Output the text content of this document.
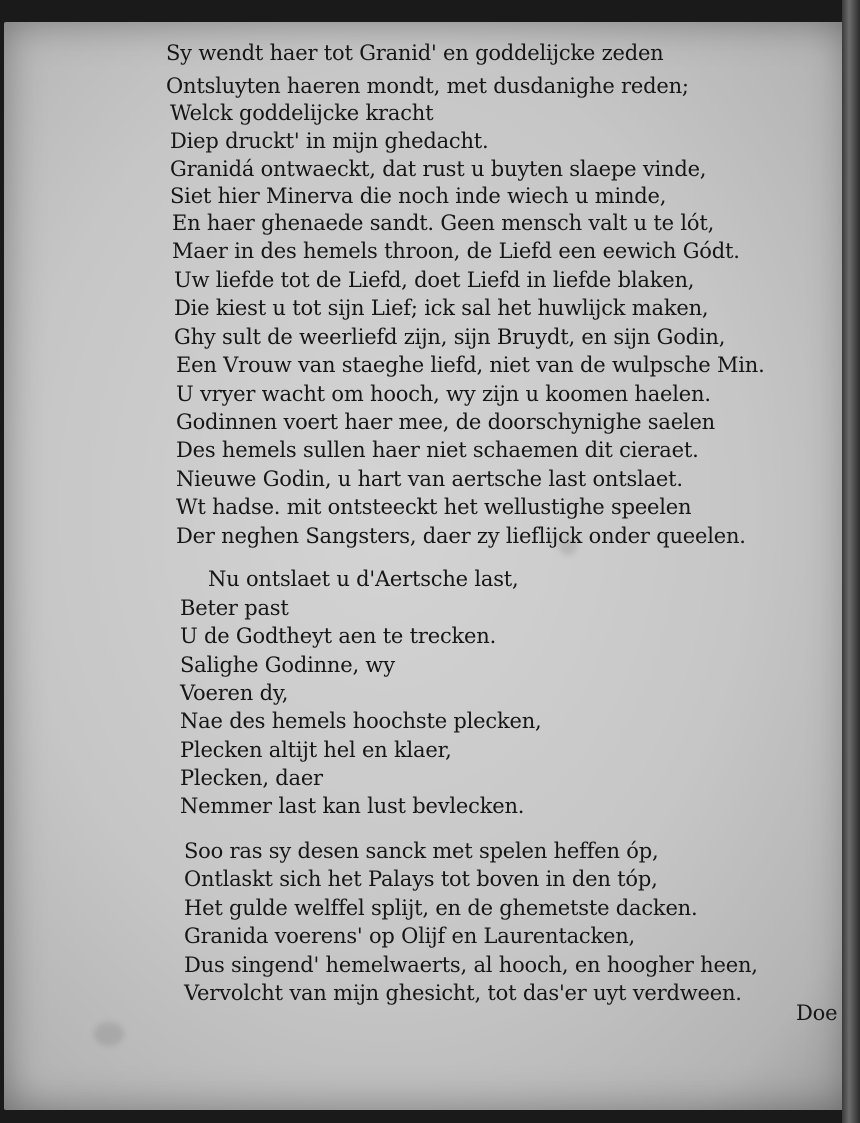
Sy wendt haer tot Granid' en goddelijcke zeden
Ontsluyten haeren mondt, met dusdanighe reden;
Welck goddelijcke kracht
Diep druckt' in mijn ghedacht.
Granidá ontwaeckt, dat rust u buyten slaepe vinde,
Siet hier Minerva die noch inde wiech u minde,
En haer ghenaede sandt. Geen mensch valt u te lót,
Maer in des hemels throon, de Liefd een eewich Gódt.
Uw liefde tot de Liefd, doet Liefd in liefde blaken,
Die kiest u tot sijn Lief; ick sal het huwlijck maken,
Ghy sult de weerliefd zijn, sijn Bruydt, en sijn Godin,
Een Vrouw van staeghe liefd, niet van de wulpsche Min.
U vryer wacht om hooch, wy zijn u koomen haelen.
Godinnen voert haer mee, de doorschynighe saelen
Des hemels sullen haer niet schaemen dit cieraet.
Nieuwe Godin, u hart van aertsche last ontslaet.
Wt hadse. mit ontsteeckt het wellustighe speelen
Der neghen Sangsters, daer zy lieflijck onder queelen.
Nu ontslaet u d'Aertsche last,
Beter past
U de Godtheyt aen te trecken.
Salighe Godinne, wy
Voeren dy,
Nae des hemels hoochste plecken,
Plecken altijt hel en klaer,
Plecken, daer
Nemmer last kan lust bevlecken.
Soo ras sy desen sanck met spelen heffen óp,
Ontlaskt sich het Palays tot boven in den tóp,
Het gulde welffel splijt, en de ghemetste dacken.
Granida voerens' op Olijf en Laurentacken,
Dus singend' hemelwaerts, al hooch, en hoogher heen,
Vervolcht van mijn ghesicht, tot das'er uyt verdween.
Doe
